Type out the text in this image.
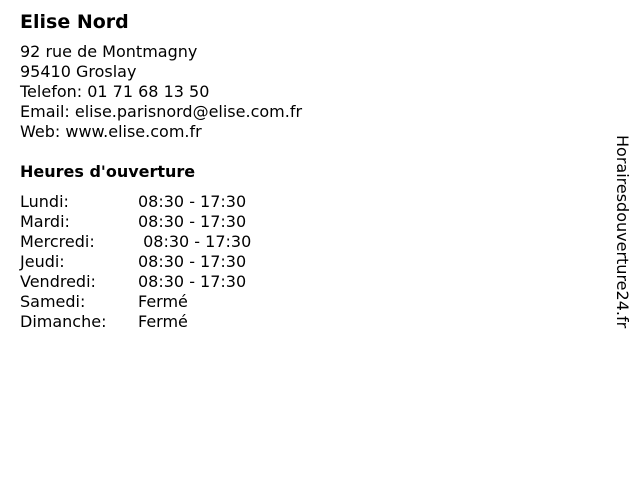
Elise Nord
92 rue de Montmagny
95410 Groslay
Telefon: 01 71 68 13 50
Email: elise.parisnord@elise.com.fr
Web: www.elise.com.fr
Heures d'ouverture
Lundi:	08:30 - 17:30
Mardi:	08:30 - 17:30
Mercredi:	08:30 - 17:30
Jeudi:	08:30 - 17:30
Vendredi:	08:30 - 17:30
Samedi:	Fermé
Dimanche:	Fermé	Horairesdouverture24.fr
